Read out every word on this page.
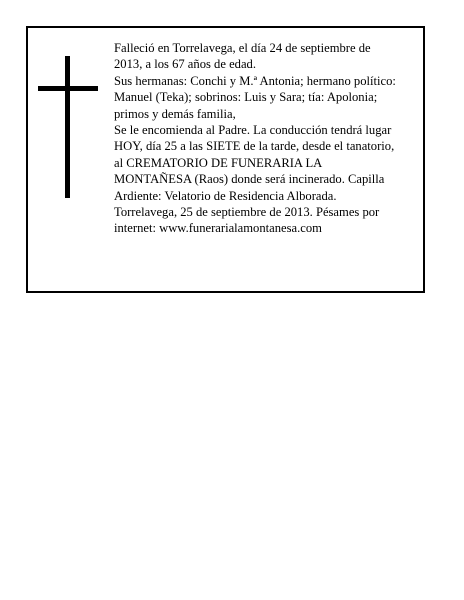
Falleció en Torrelavega, el día 24 de septiembre de

2013, a los 67 años de edad.

Sus hermanas: Conchi y M.ª Antonia; hermano político:

Manuel (Teka); sobrinos: Luis y Sara; tía: Apolonia;

primos y demás familia,

Se le encomienda al Padre. La conducción tendrá lugar

HOY, día 25 a las SIETE de la tarde, desde el tanatorio,

al CREMATORIO DE FUNERARIA LA

MONTAÑESA (Raos) donde será incinerado. Capilla

Ardiente: Velatorio de Residencia Alborada.

Torrelavega, 25 de septiembre de 2013. Pésames por

internet: www.funerarialamontanesa.com
